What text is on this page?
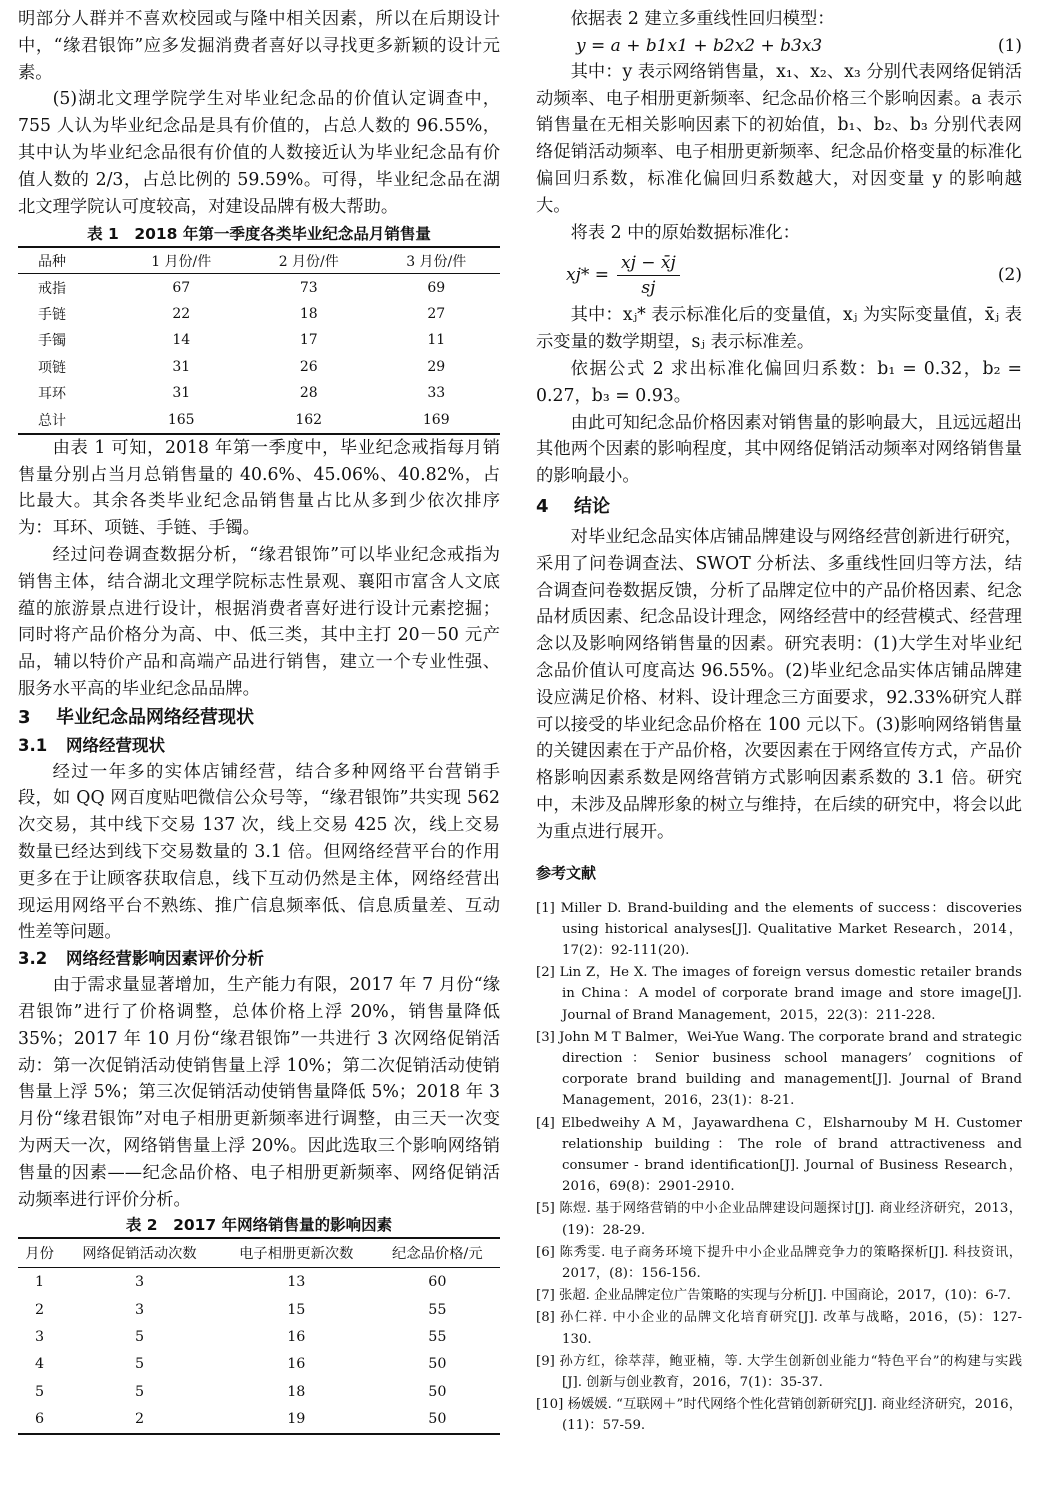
明部分人群并不喜欢校园或与隆中相关因素，所以在后期设计中，“缘君银饰”应多发掘消费者喜好以寻找更多新颖的设计元素。

(5)湖北文理学院学生对毕业纪念品的价值认定调查中，755 人认为毕业纪念品是具有价值的，占总人数的 96.55%，其中认为毕业纪念品很有价值的人数接近认为毕业纪念品有价值人数的 2/3，占总比例的 59.59%。可得，毕业纪念品在湖北文理学院认可度较高，对建设品牌有极大帮助。

表 1　2018 年第一季度各类毕业纪念品月销售量

品种	1 月份/件	2 月份/件	3 月份/件
戒指	67	73	69
手链	22	18	27
手镯	14	17	11
项链	31	26	29
耳环	31	28	33
总计	165	162	169

由表 1 可知，2018 年第一季度中，毕业纪念戒指每月销售量分别占当月总销售量的 40.6%、45.06%、40.82%，占比最大。其余各类毕业纪念品销售量占比从多到少依次排序为：耳环、项链、手链、手镯。

经过问卷调查数据分析，“缘君银饰”可以毕业纪念戒指为销售主体，结合湖北文理学院标志性景观、襄阳市富含人文底蕴的旅游景点进行设计，根据消费者喜好进行设计元素挖掘；同时将产品价格分为高、中、低三类，其中主打 20－50 元产品，辅以特价产品和高端产品进行销售，建立一个专业性强、服务水平高的毕业纪念品品牌。

3 毕业纪念品网络经营现状
3.1 网络经营现状

经过一年多的实体店铺经营，结合多种网络平台营销手段，如 QQ 网百度贴吧微信公众号等，“缘君银饰”共实现 562 次交易，其中线下交易 137 次，线上交易 425 次，线上交易数量已经达到线下交易数量的 3.1 倍。但网络经营平台的作用更多在于让顾客获取信息，线下互动仍然是主体，网络经营出现运用网络平台不熟练、推广信息频率低、信息质量差、互动性差等问题。

3.2 网络经营影响因素评价分析

由于需求量显著增加，生产能力有限，2017 年 7 月份“缘君银饰”进行了价格调整，总体价格上浮 20%，销售量降低 35%；2017 年 10 月份“缘君银饰”一共进行 3 次网络促销活动：第一次促销活动使销售量上浮 10%；第二次促销活动使销售量上浮 5%；第三次促销活动使销售量降低 5%；2018 年 3 月份“缘君银饰”对电子相册更新频率进行调整，由三天一次变为两天一次，网络销售量上浮 20%。因此选取三个影响网络销售量的因素——纪念品价格、电子相册更新频率、网络促销活动频率进行评价分析。

表 2　2017 年网络销售量的影响因素

月份	网络促销活动次数	电子相册更新次数	纪念品价格/元
1	3	13	60
2	3	15	55
3	5	16	55
4	5	16	50
5	5	18	50
6	2	19	50

依据表 2 建立多重线性回归模型：

y = a + b1x1 + b2x2 + b3x3	(1)

其中：y 表示网络销售量，x₁、x₂、x₃ 分别代表网络促销活动频率、电子相册更新频率、纪念品价格三个影响因素。a 表示销售量在无相关影响因素下的初始值，b₁、b₂、b₃ 分别代表网络促销活动频率、电子相册更新频率、纪念品价格变量的标准化偏回归系数，标准化偏回归系数越大，对因变量 y 的影响越大。

将表 2 中的原始数据标准化：

$xj* = \frac{xj - x̄j}{sj}$	(2)

其中：xⱼ* 表示标准化后的变量值，xⱼ 为实际变量值，x̄ⱼ 表示变量的数学期望，sⱼ 表示标准差。

依据公式 2 求出标准化偏回归系数：b₁ = 0.32，b₂ = 0.27，b₃ = 0.93。

由此可知纪念品价格因素对销售量的影响最大，且远远超出其他两个因素的影响程度，其中网络促销活动频率对网络销售量的影响最小。

4 结论

对毕业纪念品实体店铺品牌建设与网络经营创新进行研究，采用了问卷调查法、SWOT 分析法、多重线性回归等方法，结合调查问卷数据反馈，分析了品牌定位中的产品价格因素、纪念品材质因素、纪念品设计理念，网络经营中的经营模式、经营理念以及影响网络销售量的因素。研究表明：(1)大学生对毕业纪念品价值认可度高达 96.55%。(2)毕业纪念品实体店铺品牌建设应满足价格、材料、设计理念三方面要求，92.33%研究人群可以接受的毕业纪念品价格在 100 元以下。(3)影响网络销售量的关键因素在于产品价格，次要因素在于网络宣传方式，产品价格影响因素系数是网络营销方式影响因素系数的 3.1 倍。研究中，未涉及品牌形象的树立与维持，在后续的研究中，将会以此为重点进行展开。

参考文献

[1] Miller D. Brand-building and the elements of success：discoveries using historical analyses[J]. Qualitative Market Research，2014，17(2)：92-111(20).

[2] Lin Z，He X. The images of foreign versus domestic retailer brands in China：A model of corporate brand image and store image[J]. Journal of Brand Management，2015，22(3)：211-228.

[3] John M T Balmer，Wei-Yue Wang. The corporate brand and strategic direction：Senior business school managers’ cognitions of corporate brand building and management[J]. Journal of Brand Management，2016，23(1)：8-21.

[4] Elbedweihy A M，Jayawardhena C，Elsharnouby M H. Customer relationship building：The role of brand attractiveness and consumer - brand identification[J]. Journal of Business Research，2016，69(8)：2901-2910.

[5] 陈煜. 基于网络营销的中小企业品牌建设问题探讨[J]. 商业经济研究，2013，(19)：28-29.

[6] 陈秀雯. 电子商务环境下提升中小企业品牌竞争力的策略探析[J]. 科技资讯，2017，(8)：156-156.

[7] 张超. 企业品牌定位广告策略的实现与分析[J]. 中国商论，2017，(10)：6-7.

[8] 孙仁祥. 中小企业的品牌文化培育研究[J]. 改革与战略，2016，(5)：127-130.

[9] 孙方红，徐萃萍，鲍亚楠，等. 大学生创新创业能力“特色平台”的构建与实践[J]. 创新与创业教育，2016，7(1)：35-37.

[10] 杨媛媛. “互联网＋”时代网络个性化营销创新研究[J]. 商业经济研究，2016，(11)：57-59.
